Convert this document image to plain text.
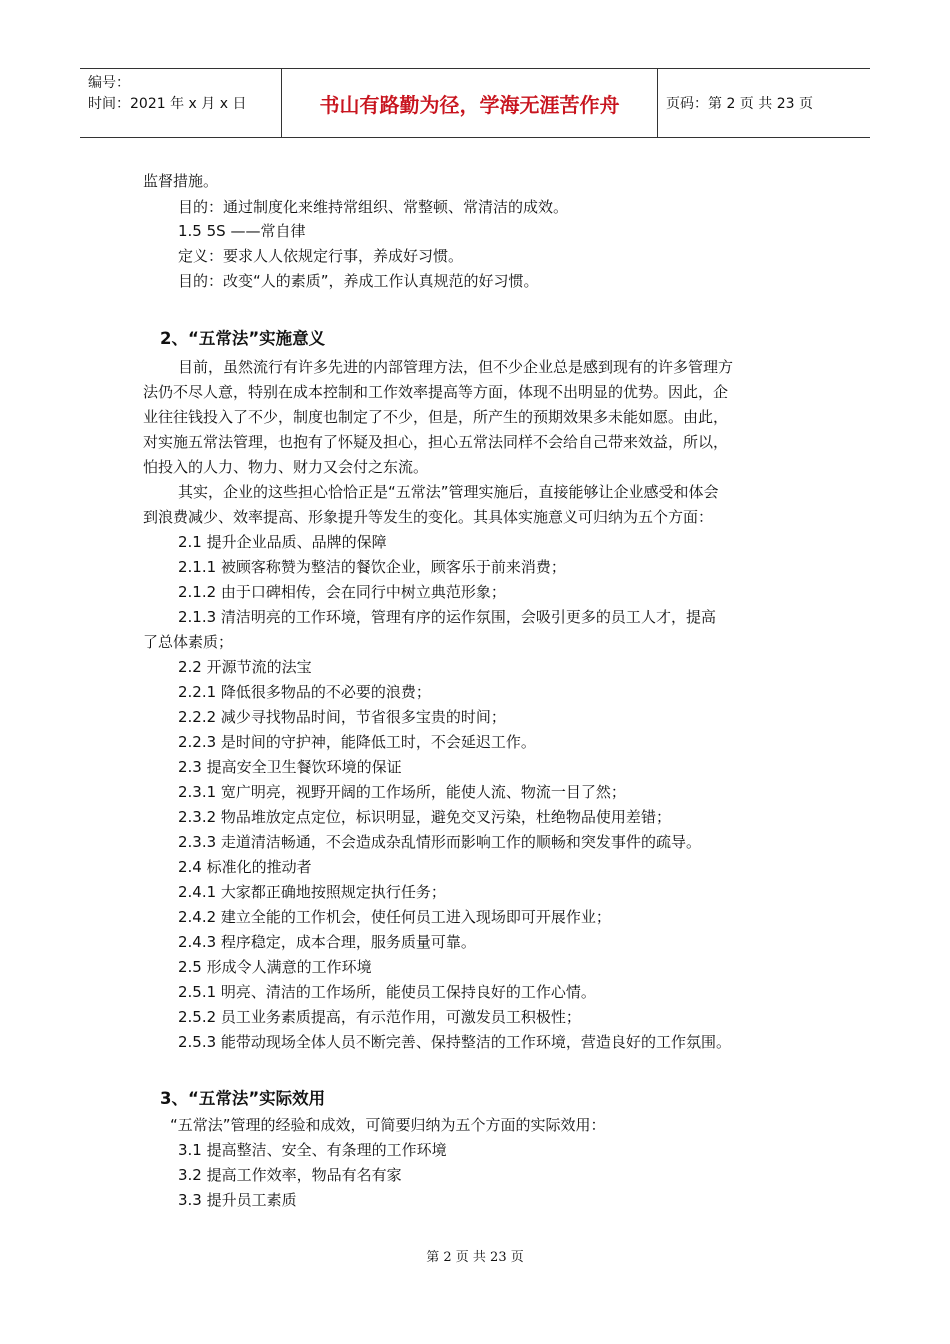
编号：
时间：2021 年 x 月 x 日	书山有路勤为径，学海无涯苦作舟	页码：第 2 页 共 23 页
监督措施。
目的：通过制度化来维持常组织、常整顿、常清洁的成效。
1.5 5S ——常自律
定义：要求人人依规定行事，养成好习惯。
目的：改变“人的素质”，养成工作认真规范的好习惯。
2、“五常法”实施意义
目前，虽然流行有许多先进的内部管理方法，但不少企业总是感到现有的许多管理方
法仍不尽人意，特别在成本控制和工作效率提高等方面，体现不出明显的优势。因此，企
业往往钱投入了不少，制度也制定了不少，但是，所产生的预期效果多未能如愿。由此，
对实施五常法管理，也抱有了怀疑及担心，担心五常法同样不会给自己带来效益，所以，
怕投入的人力、物力、财力又会付之东流。
其实，企业的这些担心恰恰正是“五常法”管理实施后，直接能够让企业感受和体会
到浪费减少、效率提高、形象提升等发生的变化。其具体实施意义可归纳为五个方面：
2.1 提升企业品质、品牌的保障
2.1.1 被顾客称赞为整洁的餐饮企业，顾客乐于前来消费；
2.1.2 由于口碑相传，会在同行中树立典范形象；
2.1.3 清洁明亮的工作环境，管理有序的运作氛围，会吸引更多的员工人才，提高
了总体素质；
2.2 开源节流的法宝
2.2.1 降低很多物品的不必要的浪费；
2.2.2 减少寻找物品时间，节省很多宝贵的时间；
2.2.3 是时间的守护神，能降低工时，不会延迟工作。
2.3 提高安全卫生餐饮环境的保证
2.3.1 宽广明亮，视野开阔的工作场所，能使人流、物流一目了然；
2.3.2 物品堆放定点定位，标识明显，避免交叉污染，杜绝物品使用差错；
2.3.3 走道清洁畅通，不会造成杂乱情形而影响工作的顺畅和突发事件的疏导。
2.4 标准化的推动者
2.4.1 大家都正确地按照规定执行任务；
2.4.2 建立全能的工作机会，使任何员工进入现场即可开展作业；
2.4.3 程序稳定，成本合理，服务质量可靠。
2.5 形成令人满意的工作环境
2.5.1 明亮、清洁的工作场所，能使员工保持良好的工作心情。
2.5.2 员工业务素质提高，有示范作用，可激发员工积极性；
2.5.3 能带动现场全体人员不断完善、保持整洁的工作环境，营造良好的工作氛围。
3、“五常法”实际效用
“五常法”管理的经验和成效，可简要归纳为五个方面的实际效用：
3.1 提高整洁、安全、有条理的工作环境
3.2 提高工作效率，物品有名有家
3.3 提升员工素质
第 2 页 共 23 页
